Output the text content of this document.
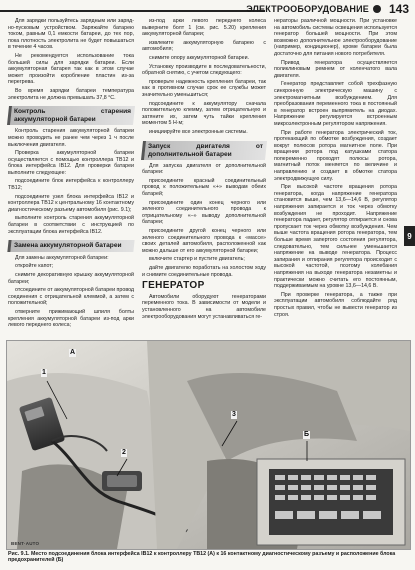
ЭЛЕКТРООБОРУДОВАНИЕ 143

Для зарядки пользуйтесь зарядным или заряд-но-пусковым устройством. Заряжайте батарею током, равным 0,1 емкости батареи, до тех пор, пока плотность электролита не будет повышаться в течение 4 часов.

Не рекомендуется использование тока большей силы для зарядки батареи. Если аккумуляторная батарея так как в этом случае может произойти коробление пластин из-за перегрева.

Во время зарядки батареи температура электролита не должна превышать 37,8 °С.

Контроль старения аккумуляторной батареи

Контроль старения аккумуляторной батареи можно проводить не ранее чем через 1 ч после выключения двигателя.

Проверка аккумуляторной батареи осуществляется с помощью контроллера TB12 и блока интерфейса IB12. Для проверки батареи выполните следующее:

подсоедините блок интерфейса к контроллеру TB12;

подсоедините узел блока интерфейса IB12 и контроллера TB12 к центральному 16 контактному диагностическому разъему автомобиля (рис. 9.1);

выполните контроль старения аккумуляторной батареи в соответствии с инструкцией по эксплуатации блока интерфейса IB12.

Замена аккумуляторной батареи

Для замены аккумуляторной батареи:

откройте капот;

снимите декоративную крышку аккумуляторной батареи;

отсоедините от аккумуляторной батареи провод соединения с отрицательной клеммой, а затем с положительной;

отверните прижимающий шпиля болты крепления аккумуляторной батареи из-под арки левого переднего колеса;

из-под арки левого переднего колеса выверните болт 1 (см. рис. 5.20) крепления аккумуляторной батареи;

извлеките аккумуляторную батарею с автомобиля;

снимите опору аккумуляторной батареи.

Установку производите в последовательности, обратной снятию, с учетом следующего:

проверьте надежность крепления батареи, так как в противном случае срок ее службы может значительно уменьшиться;

подсоедините к аккумулятору сначала положительную клемму, затем отрицательную и затяните их, затем чуть тайки крепления моментом 5 Н·м;

инициируйте все электронные системы.

Запуск двигателя от дополнительной батареи

Для запуска двигателя от дополнительной батареи:

присоедините красный соединительный провод к положительным «+» выводам обеих батарей;

присоедините один конец черного или зеленого соединительного провода к отрицательному «–» выводу дополнительной батареи;

присоедините другой конец черного или зеленого соединительного провода к «массе» своих деталей автомобиля, расположенной как можно дальше от его аккумуляторной батареи;

включите стартер и пустите двигатель;

дайте двигателю поработать на холостом ходу и снимите соединительные провода.

ГЕНЕРАТОР

Автомобили оборудуют генераторами переменного тока. В зависимости от модели и установленного на автомобиле электрооборудования могут устанавливаться ге-

нераторы различной мощности. При установке на автомобиль системы освещения используется генератор большей мощности. При этом возможно дополнительное электрооборудование (например, кондиционер), кроме батареи была достаточно для питания нового потребителя.

Привод генератора осуществляется поликлиновым ремнем от коленчатого вала двигателя.

Генератор представляет собой трехфазную синхронную электрическую машину с электромагнитным возбуждением. Для преобразования переменного тока в постоянный в генератор встроен выпрямитель на диодах. Напряжение регулируется встроенным микроэлектронным регулятором напряжения.

При работе генератора электрический ток, протекающий по обмотке возбуждения, создает вокруг полюсов ротора магнитное поле. При вращении ротора под катушками статора попеременно проходят полюсы ротора, магнитный поток меняется по величине и направлению и создает в обмотке статора электродвижущую силу.

При высокой частоте вращения ротора генератора, когда напряжение генератора становится выше, чем 13,6—14,6 В, регулятор напряжения запирается и ток через обмотку возбуждения не проходит. Напряжение генератора падает, регулятор отпирается и снова пропускает ток через обмотку возбуждения. Чем выше частота вращения ротора генератора, тем больше время запертого состояния регулятора, следовательно, тем сильнее уменьшается напряжение на выводе генератора. Процесс запирания и отпирания регулятора происходит с высокой частотой, поэтому колебания напряжения на выходе генератора незаметны и практически можно считать его постоянным, поддерживаемым на уровне 13,6—14,6 В.

При проверке генератора, а также при эксплуатации автомобиля соблюдайте ряд простых правил, чтобы не вывести генератор из строя.

9
А
1
2
3
Б
BENT·AUTO
Рис. 9.1. Место подсоединения блока интерфейса IB12 к контроллеру TB12 (А) к 16 контактному диагностическому разъему и расположение блока предохранителей (Б)
